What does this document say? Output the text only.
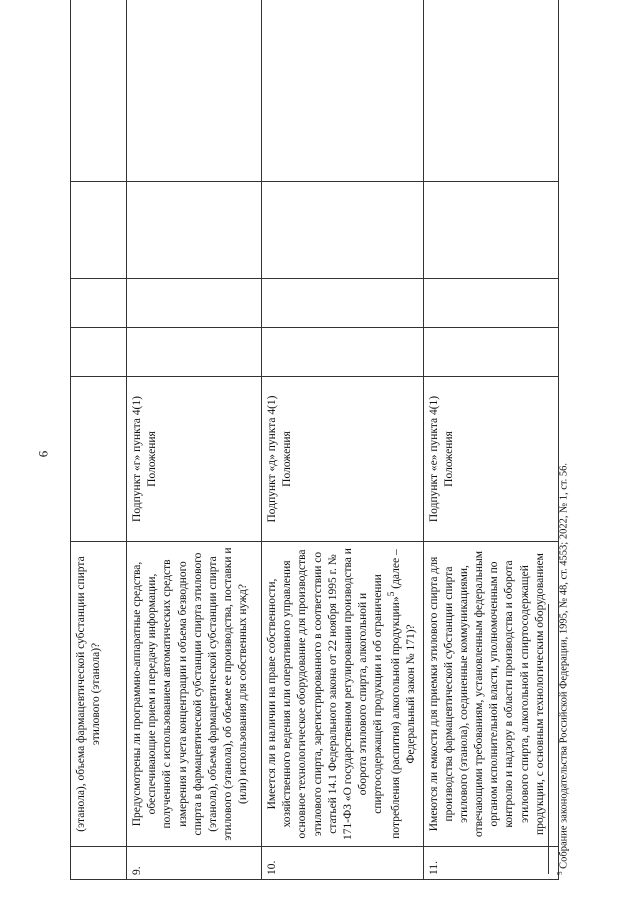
6
	(этанола), объема фармацевтической субстанции спирта этилового (этанола)?	

9.	Предусмотрены ли программно-аппаратные средства, обеспечивающие прием и передачу информации, полученной с использованием автоматических средств измерения и учета концентрации и объема безводного спирта в фармацевтической субстанции спирта этилового (этанола), объема фармацевтической субстанции спирта этилового (этанола), об объеме ее производства, поставки и (или) использования для собственных нужд?	Подпункт «г» пункта 4(1) Положения				

10.	Имеется ли в наличии на праве собственности, хозяйственного ведения или оперативного управления основное технологическое оборудование для производства этилового спирта, зарегистрированного в соответствии со статьей 14.1 Федерального закона от 22 ноября 1995 г. № 171-ФЗ «О государственном регулировании производства и оборота этилового спирта, алкогольной и спиртосодержащей продукции и об ограничении потребления (распития) алкогольной продукции»$^5$ (далее – Федеральный закон № 171)?	Подпункт «д» пункта 4(1) Положения				

11.	Имеются ли емкости для приемки этилового спирта для производства фармацевтической субстанции спирта этилового (этанола), соединенные коммуникациями, отвечающими требованиям, установленным федеральным органом исполнительной власти, уполномоченным по контролю и надзору в области производства и оборота этилового спирта, алкогольной и спиртосодержащей продукции, с основным технологическим оборудованием	Подпункт «е» пункта 4(1) Положения				

$^5$ Собрание законодательства Российской Федерации, 1995, № 48, ст. 4553; 2022, № 1, ст. 56.
